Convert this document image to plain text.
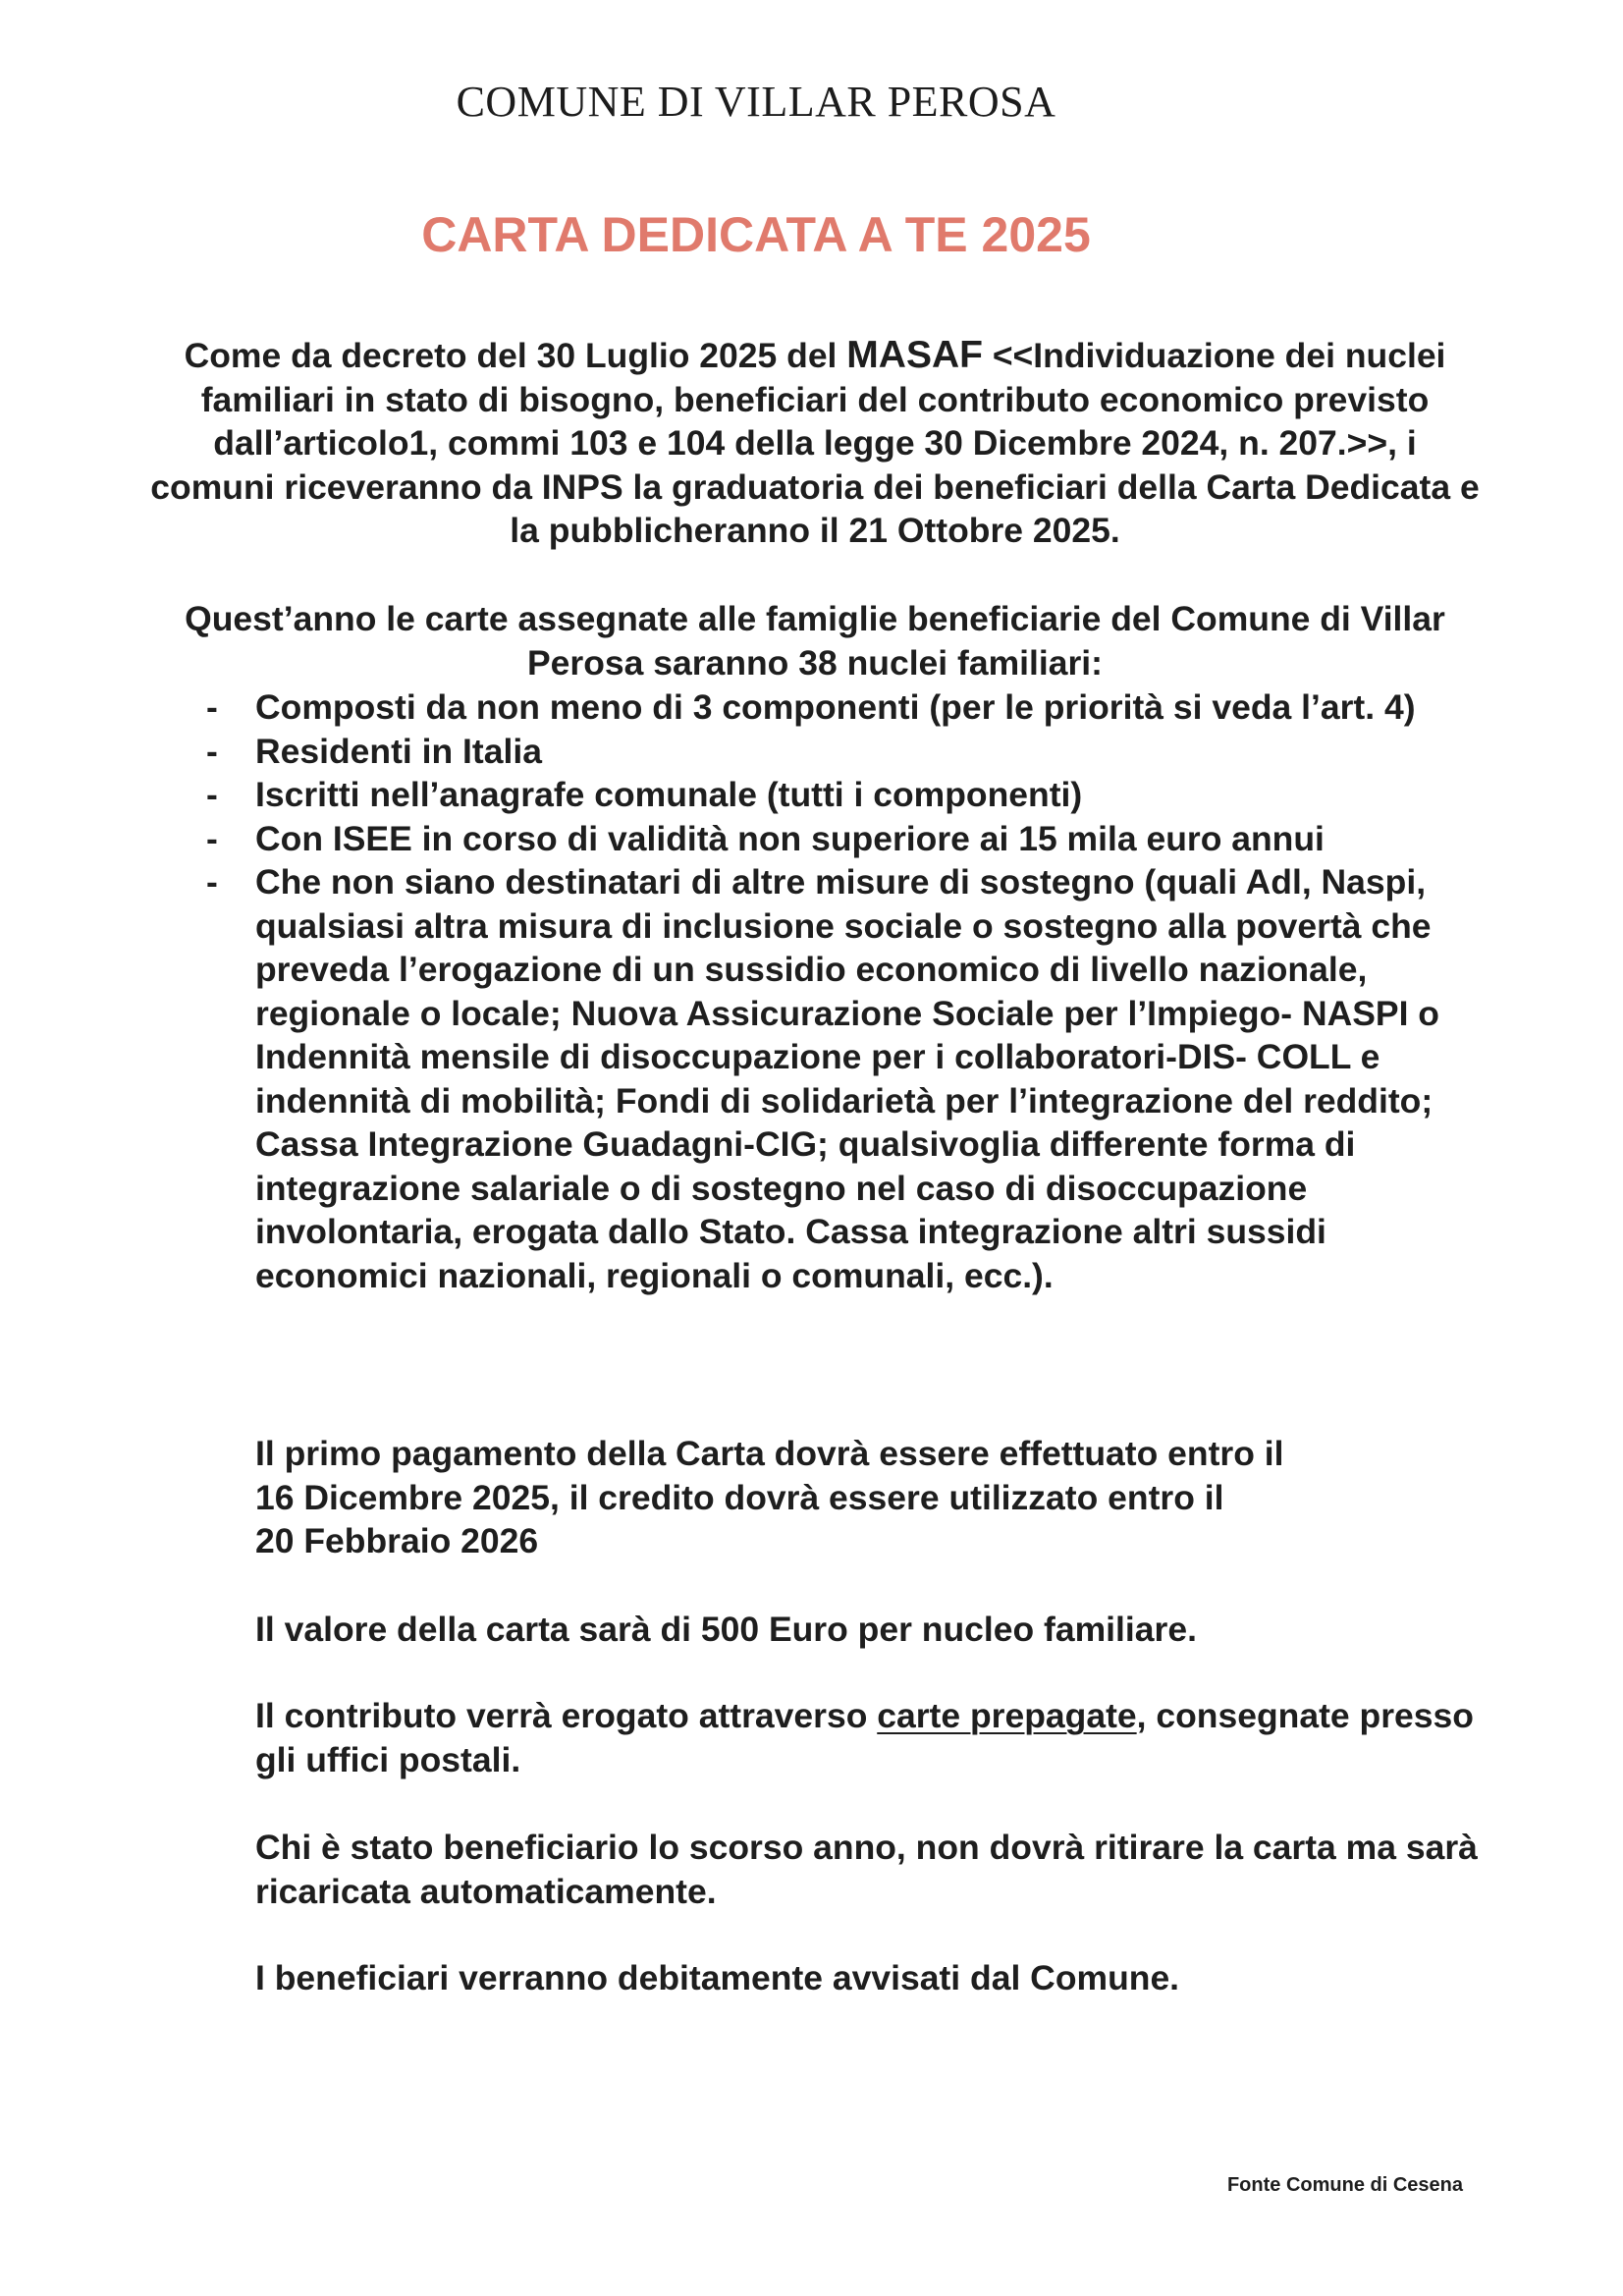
COMUNE DI VILLAR PEROSA
CARTA DEDICATA A TE 2025
Come da decreto del 30 Luglio 2025 del MASAF <<Individuazione dei nuclei familiari in stato di bisogno, beneficiari del contributo economico previsto dall’articolo1, commi 103 e 104 della legge 30 Dicembre 2024, n. 207.>>, i comuni riceveranno da INPS la graduatoria dei beneficiari della Carta Dedicata e la pubblicheranno il 21 Ottobre 2025.
Quest’anno le carte assegnate alle famiglie beneficiarie del Comune di Villar Perosa saranno 38 nuclei familiari:
- Composti da non meno di 3 componenti (per le priorità si veda l’art. 4)
- Residenti in Italia
- Iscritti nell’anagrafe comunale (tutti i componenti)
- Con ISEE in corso di validità non superiore ai 15 mila euro annui
- Che non siano destinatari di altre misure di sostegno (quali Adl, Naspi, qualsiasi altra misura di inclusione sociale o sostegno alla povertà che preveda l’erogazione di un sussidio economico di livello nazionale, regionale o locale; Nuova Assicurazione Sociale per l’Impiego- NASPI o Indennità mensile di disoccupazione per i collaboratori-DIS- COLL e indennità di mobilità; Fondi di solidarietà per l’integrazione del reddito; Cassa Integrazione Guadagni-CIG; qualsivoglia differente forma di integrazione salariale o di sostegno nel caso di disoccupazione involontaria, erogata dallo Stato. Cassa integrazione altri sussidi economici nazionali, regionali o comunali, ecc.).
Il primo pagamento della Carta dovrà essere effettuato entro il
16 Dicembre 2025, il credito dovrà essere utilizzato entro il
20 Febbraio 2026
Il valore della carta sarà di 500 Euro per nucleo familiare.
Il contributo verrà erogato attraverso carte prepagate, consegnate presso gli uffici postali.
Chi è stato beneficiario lo scorso anno, non dovrà ritirare la carta ma sarà ricaricata automaticamente.
I beneficiari verranno debitamente avvisati dal Comune.
Fonte Comune di Cesena
